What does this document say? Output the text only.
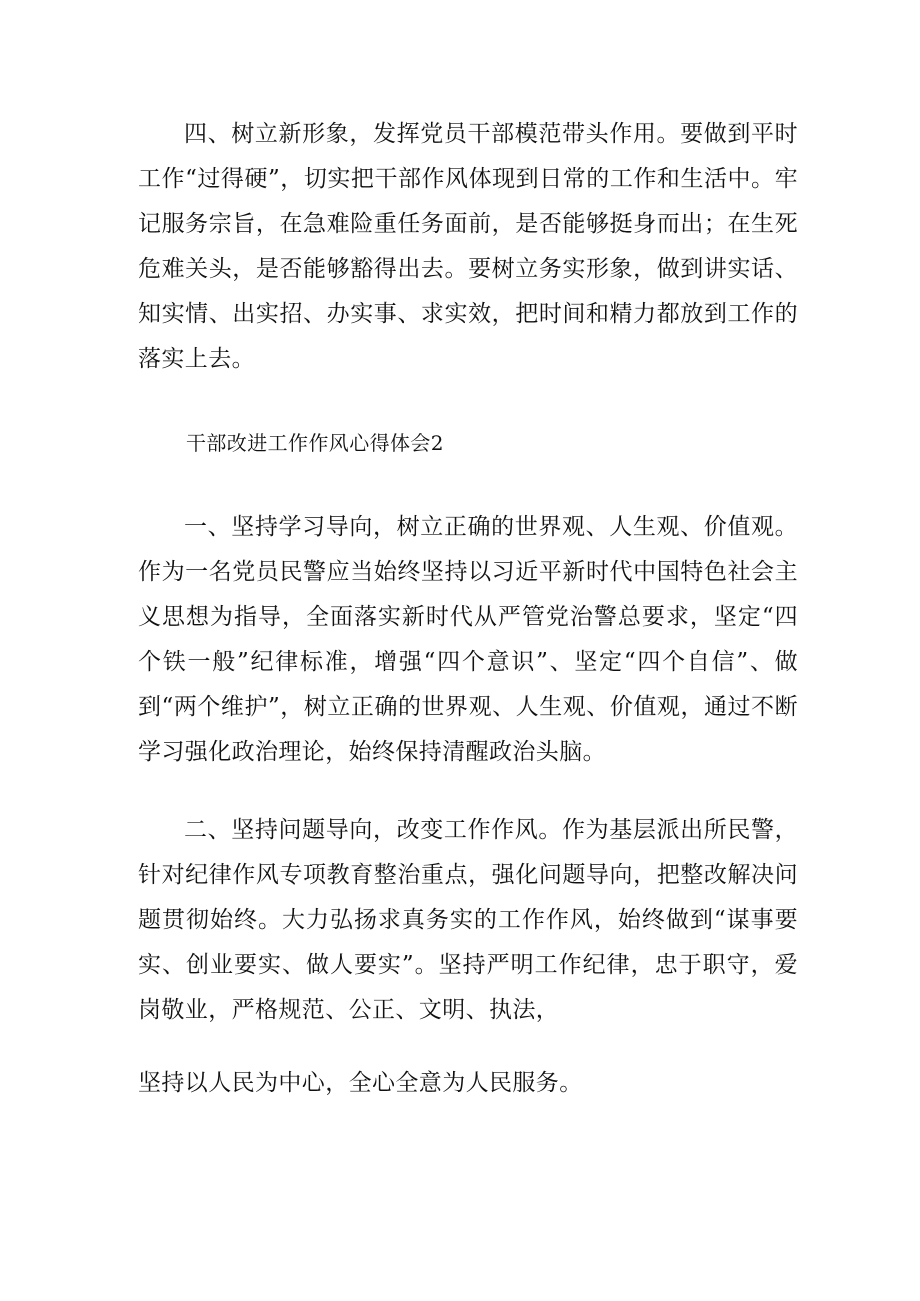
四、树立新形象，发挥党员干部模范带头作用。要做到平时工作“过得硬”，切实把干部作风体现到日常的工作和生活中。牢记服务宗旨，在急难险重任务面前，是否能够挺身而出；在生死危难关头，是否能够豁得出去。要树立务实形象，做到讲实话、知实情、出实招、办实事、求实效，把时间和精力都放到工作的落实上去。

干部改进工作作风心得体会2

一、坚持学习导向，树立正确的世界观、人生观、价值观。作为一名党员民警应当始终坚持以习近平新时代中国特色社会主义思想为指导，全面落实新时代从严管党治警总要求，坚定“四个铁一般”纪律标准，增强“四个意识”、坚定“四个自信”、做到“两个维护”，树立正确的世界观、人生观、价值观，通过不断学习强化政治理论，始终保持清醒政治头脑。

二、坚持问题导向，改变工作作风。作为基层派出所民警，针对纪律作风专项教育整治重点，强化问题导向，把整改解决问题贯彻始终。大力弘扬求真务实的工作作风，始终做到“谋事要实、创业要实、做人要实”。坚持严明工作纪律，忠于职守，爱岗敬业，严格规范、公正、文明、执法，

坚持以人民为中心，全心全意为人民服务。
